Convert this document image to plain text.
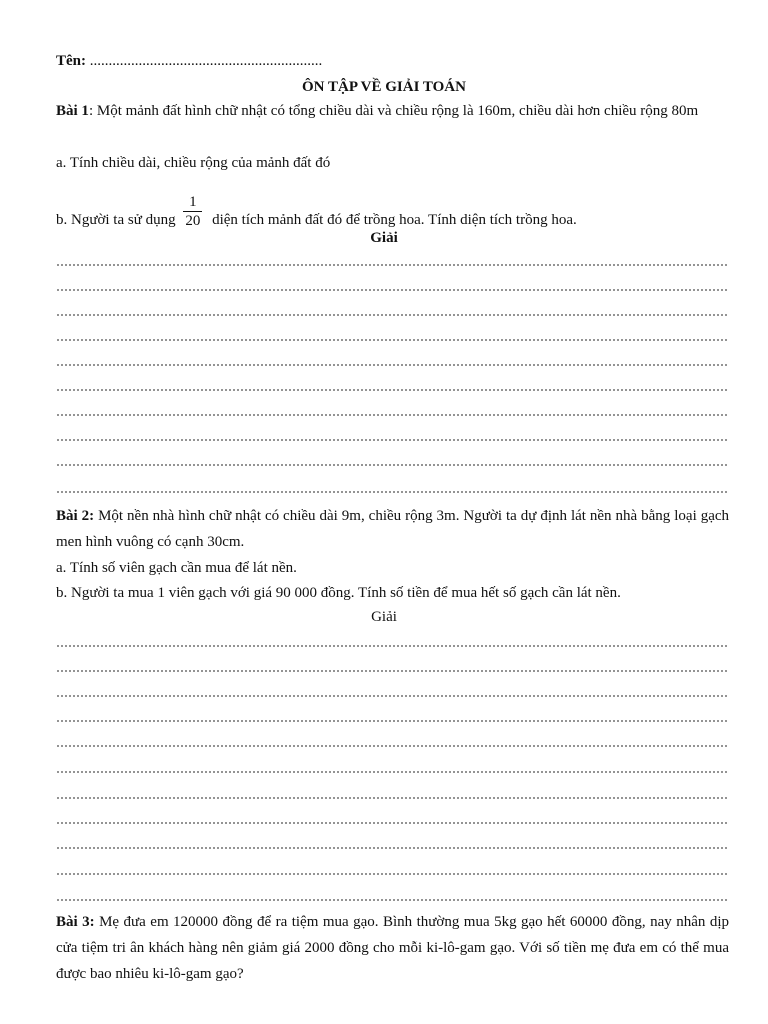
Tên: ..............................................................
ÔN TẬP VỀ GIẢI TOÁN

Bài 1: Một mảnh đất hình chữ nhật có tổng chiều dài và chiều rộng là 160m, chiều dài hơn chiều rộng 80m

a. Tính chiều dài, chiều rộng của mảnh đất đó
b. Người ta sử dụng $\frac{1}{20}$ diện tích mảnh đất đó để trồng hoa. Tính diện tích trồng hoa.
Giải

Bài 2: Một nền nhà hình chữ nhật có chiều dài 9m, chiều rộng 3m. Người ta dự định lát nền nhà bằng loại gạch men hình vuông có cạnh 30cm.

a. Tính số viên gạch cần mua để lát nền.
b. Người ta mua 1 viên gạch với giá 90 000 đồng. Tính số tiền để mua hết số gạch cần lát nền.
Giải

Bài 3: Mẹ đưa em 120000 đồng để ra tiệm mua gạo. Bình thường mua 5kg gạo hết 60000 đồng, nay nhân dịp cửa tiệm tri ân khách hàng nên giảm giá 2000 đồng cho mỗi ki-lô-gam gạo. Với số tiền mẹ đưa em có thể mua được bao nhiêu ki-lô-gam gạo?
